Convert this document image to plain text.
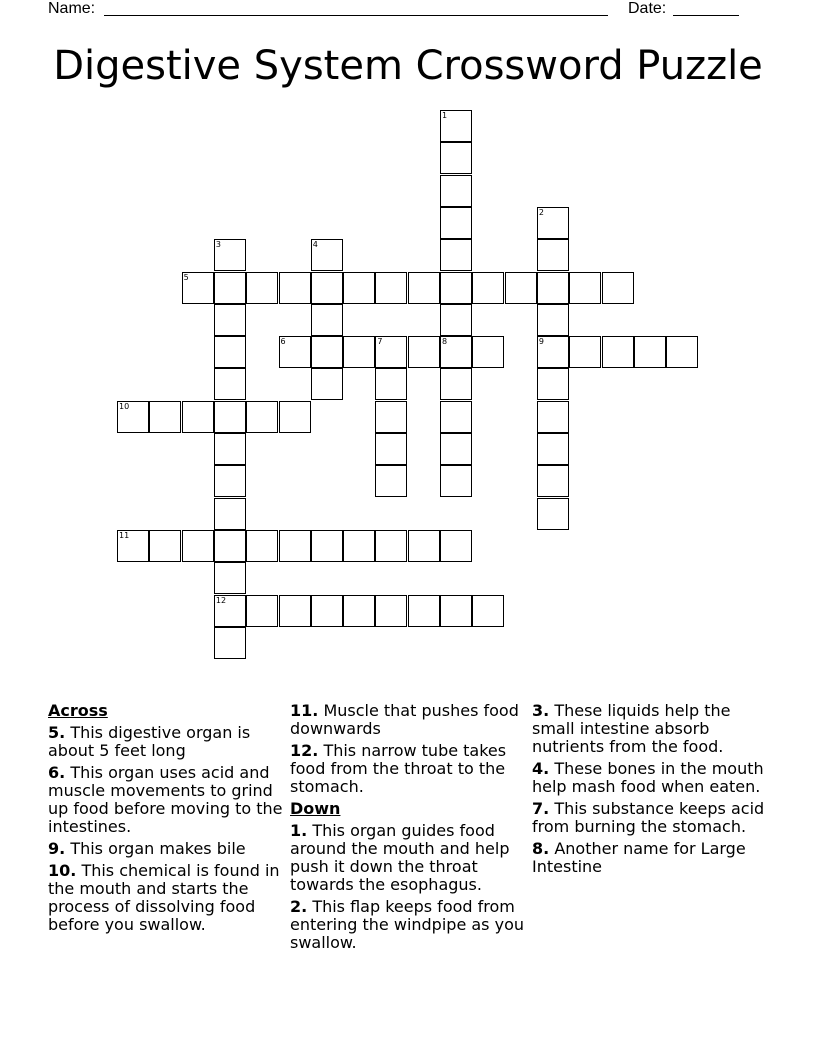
Name:	Date:
Digestive System Crossword Puzzle
1
8
2
9
3
12
4
5
6	7
10
11
Across
5. This digestive organ is about 5 feet long
6. This organ uses acid and muscle movements to grind up food before moving to the intestines.
9. This organ makes bile
10. This chemical is found in the mouth and starts the process of dissolving food before you swallow.
11. Muscle that pushes food downwards
12. This narrow tube takes food from the throat to the stomach.
Down
1. This organ guides food around the mouth and help push it down the throat towards the esophagus.
2. This flap keeps food from entering the windpipe as you swallow.
3. These liquids help the small intestine absorb nutrients from the food.
4. These bones in the mouth help mash food when eaten.
7. This substance keeps acid from burning the stomach.
8. Another name for Large Intestine
